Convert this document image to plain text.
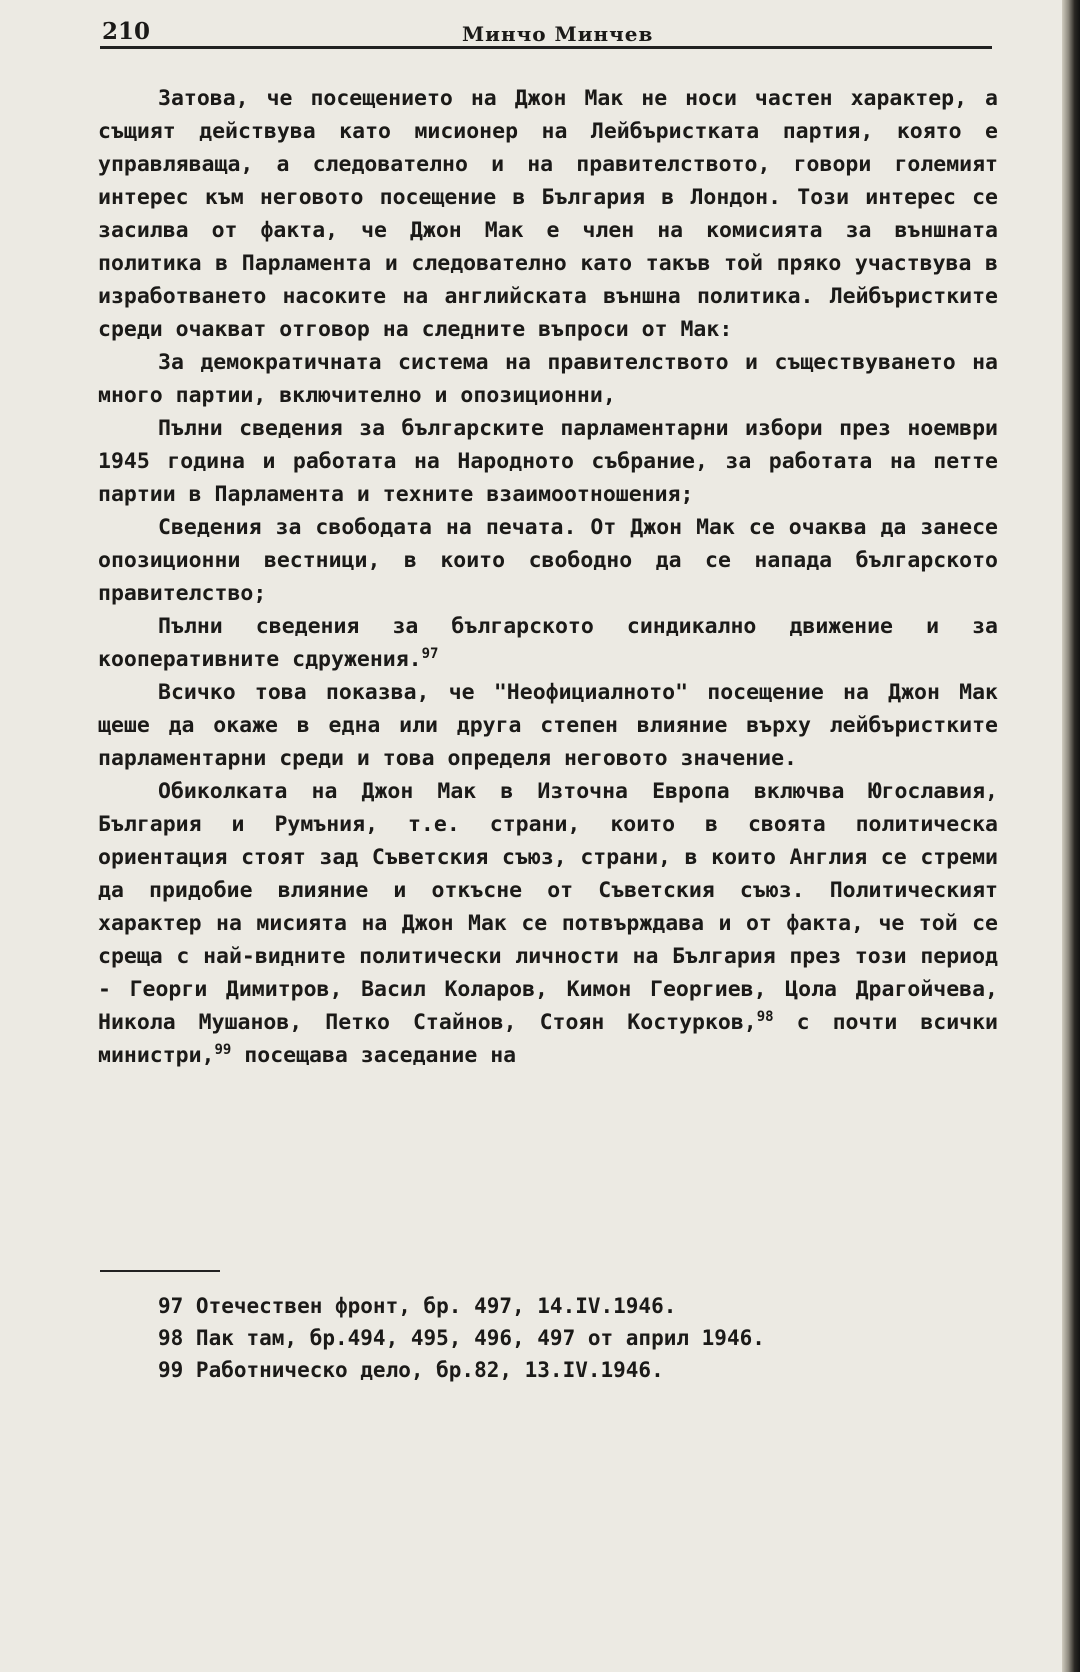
210	Минчо Минчев

Затова, че посещението на Джон Мак не носи частен характер, а същият действува като мисионер на Лейбъристката партия, която е управляваща, а следователно и на правителството, говори големият интерес към неговото посещение в България в Лондон. Този интерес се засилва от факта, че Джон Мак е член на комисията за външната политика в Парламента и следователно като такъв той пряко участвува в изработването насоките на английската външна политика. Лейбъристките среди очакват отговор на следните въпроси от Мак:

За демократичната система на правителството и съществуването на много партии, включително и опозиционни,

Пълни сведения за българските парламентарни избори през ноември 1945 година и работата на Народното събрание, за работата на петте партии в Парламента и техните взаимоотношения;

Сведения за свободата на печата. От Джон Мак се очаква да занесе опозиционни вестници, в които свободно да се напада българското правителство;

Пълни сведения за българското синдикално движение и за кооперативните сдружения.$^{97}$

Всичко това показва, че "Неофициалното" посещение на Джон Мак щеше да окаже в една или друга степен влияние върху лейбъристките парламентарни среди и това определя неговото значение.

Обиколката на Джон Мак в Източна Европа включва Югославия, България и Румъния, т.е. страни, които в своята политическа ориентация стоят зад Съветския съюз, страни, в които Англия се стреми да придобие влияние и откъсне от Съветския съюз. Политическият характер на мисията на Джон Мак се потвърждава и от факта, че той се среща с най-видните политически личности на България през този период - Георги Димитров, Васил Коларов, Кимон Георгиев, Цола Драгойчева, Никола Мушанов, Петко Стайнов, Стоян Костурков,$^{98}$ с почти всички министри,$^{99}$ посещава заседание на

97 Отечествен фронт, бр. 497, 14.IV.1946.
98 Пак там, бр.494, 495, 496, 497 от април 1946.
99 Работническо дело, бр.82, 13.IV.1946.
